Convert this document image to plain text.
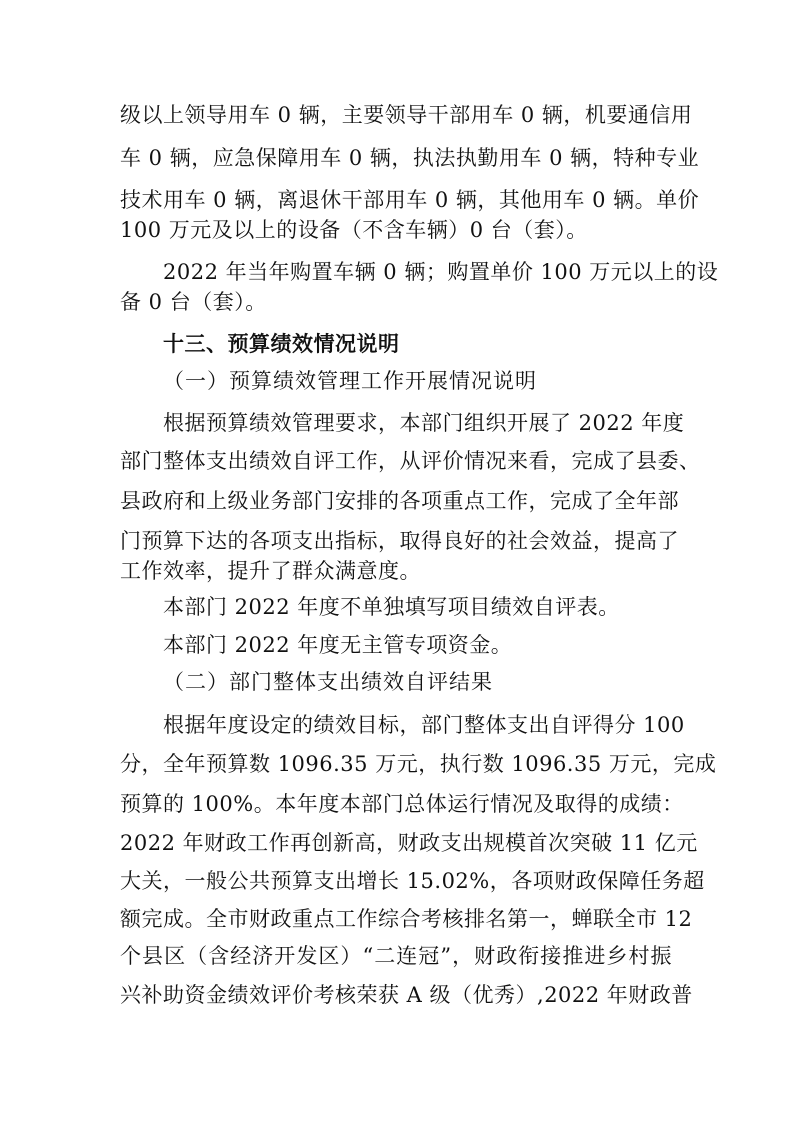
级以上领导用车 0 辆，主要领导干部用车 0 辆，机要通信用
车 0 辆，应急保障用车 0 辆，执法执勤用车 0 辆，特种专业
技术用车 0 辆，离退休干部用车 0 辆，其他用车 0 辆。单价
100 万元及以上的设备（不含车辆）0 台（套）。
2022 年当年购置车辆 0 辆；购置单价 100 万元以上的设
备 0 台（套）。
十三、预算绩效情况说明
（一）预算绩效管理工作开展情况说明
根据预算绩效管理要求，本部门组织开展了 2022 年度
部门整体支出绩效自评工作，从评价情况来看，完成了县委、
县政府和上级业务部门安排的各项重点工作，完成了全年部
门预算下达的各项支出指标，取得良好的社会效益，提高了
工作效率，提升了群众满意度。
本部门 2022 年度不单独填写项目绩效自评表。
本部门 2022 年度无主管专项资金。
（二）部门整体支出绩效自评结果
根据年度设定的绩效目标，部门整体支出自评得分 100
分，全年预算数 1096.35 万元，执行数 1096.35 万元，完成
预算的 100%。本年度本部门总体运行情况及取得的成绩：
2022 年财政工作再创新高，财政支出规模首次突破 11 亿元
大关，一般公共预算支出增长 15.02%，各项财政保障任务超
额完成。全市财政重点工作综合考核排名第一，蝉联全市 12
个县区（含经济开发区）“二连冠”，财政衔接推进乡村振
兴补助资金绩效评价考核荣获 A 级（优秀）,2022 年财政普
